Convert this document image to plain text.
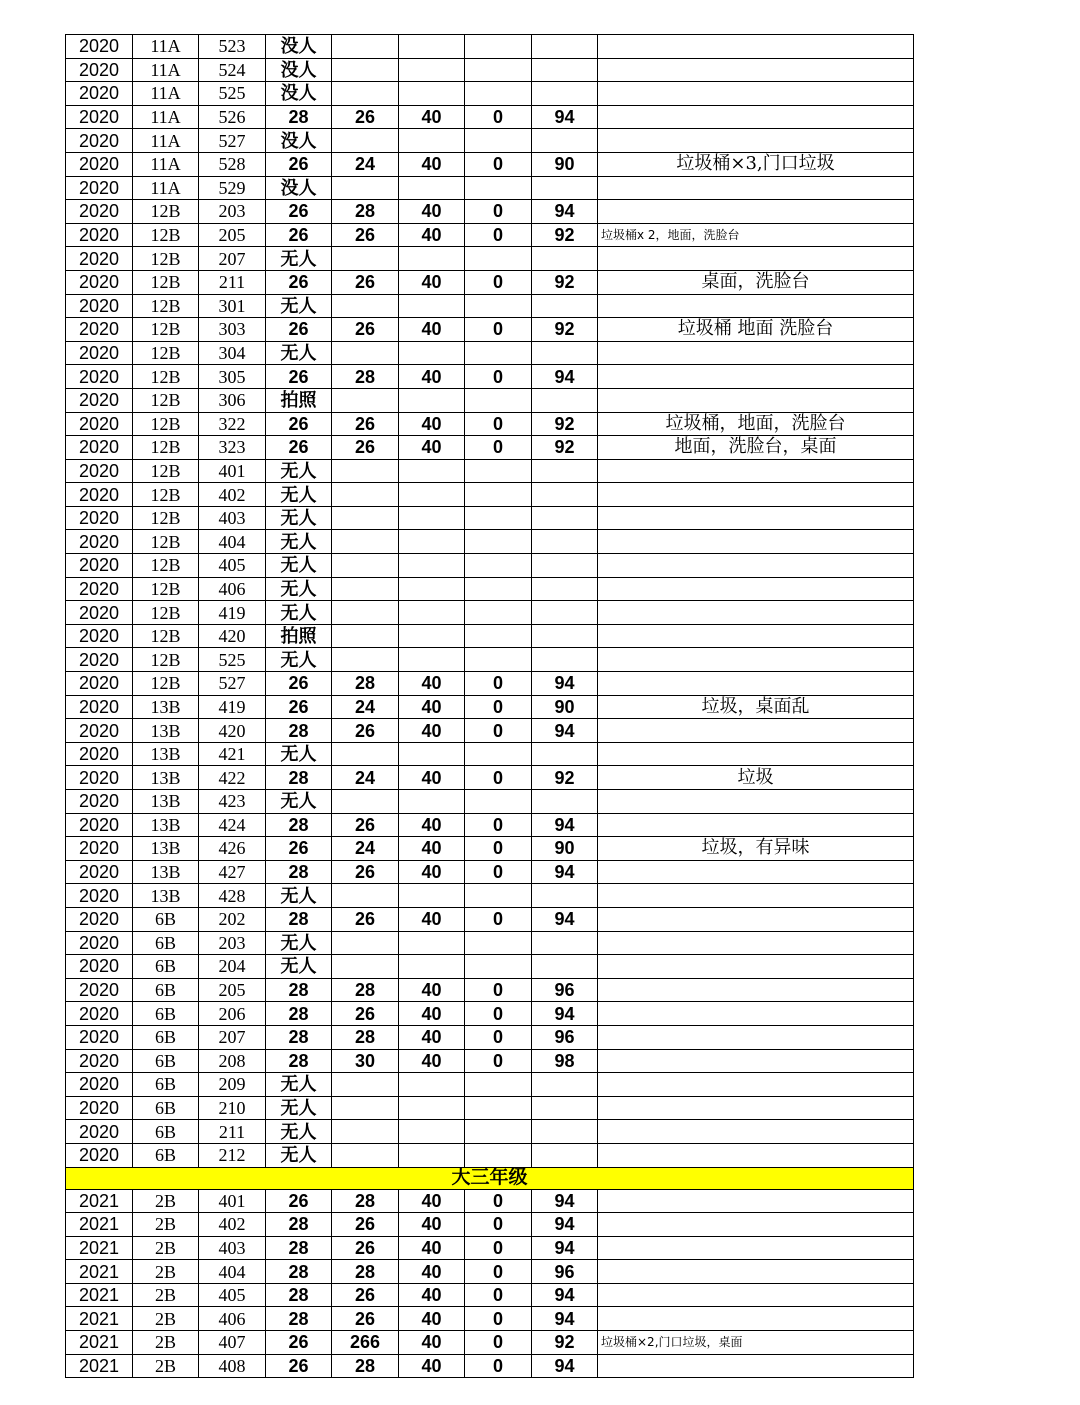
2020	11A	523	没人					
2020	11A	524	没人					
2020	11A	525	没人					
2020	11A	526	28	26	40	0	94	
2020	11A	527	没人					
2020	11A	528	26	24	40	0	90	垃圾桶×3,门口垃圾
2020	11A	529	没人					
2020	12B	203	26	28	40	0	94	
2020	12B	205	26	26	40	0	92	垃圾桶x 2，地面，洗脸台
2020	12B	207	无人					
2020	12B	211	26	26	40	0	92	桌面，洗脸台
2020	12B	301	无人					
2020	12B	303	26	26	40	0	92	垃圾桶 地面 洗脸台
2020	12B	304	无人					
2020	12B	305	26	28	40	0	94	
2020	12B	306	拍照					
2020	12B	322	26	26	40	0	92	垃圾桶，地面，洗脸台
2020	12B	323	26	26	40	0	92	地面，洗脸台，桌面
2020	12B	401	无人					
2020	12B	402	无人					
2020	12B	403	无人					
2020	12B	404	无人					
2020	12B	405	无人					
2020	12B	406	无人					
2020	12B	419	无人					
2020	12B	420	拍照					
2020	12B	525	无人					
2020	12B	527	26	28	40	0	94	
2020	13B	419	26	24	40	0	90	垃圾，桌面乱
2020	13B	420	28	26	40	0	94	
2020	13B	421	无人					
2020	13B	422	28	24	40	0	92	垃圾
2020	13B	423	无人					
2020	13B	424	28	26	40	0	94	
2020	13B	426	26	24	40	0	90	垃圾，有异味
2020	13B	427	28	26	40	0	94	
2020	13B	428	无人					
2020	6B	202	28	26	40	0	94	
2020	6B	203	无人					
2020	6B	204	无人					
2020	6B	205	28	28	40	0	96	
2020	6B	206	28	26	40	0	94	
2020	6B	207	28	28	40	0	96	
2020	6B	208	28	30	40	0	98	
2020	6B	209	无人					
2020	6B	210	无人					
2020	6B	211	无人					
2020	6B	212	无人					
大三年级								
2021	2B	401	26	28	40	0	94	
2021	2B	402	28	26	40	0	94	
2021	2B	403	28	26	40	0	94	
2021	2B	404	28	28	40	0	96	
2021	2B	405	28	26	40	0	94	
2021	2B	406	28	26	40	0	94	
2021	2B	407	26	266	40	0	92	垃圾桶×2,门口垃圾，桌面
2021	2B	408	26	28	40	0	94	
